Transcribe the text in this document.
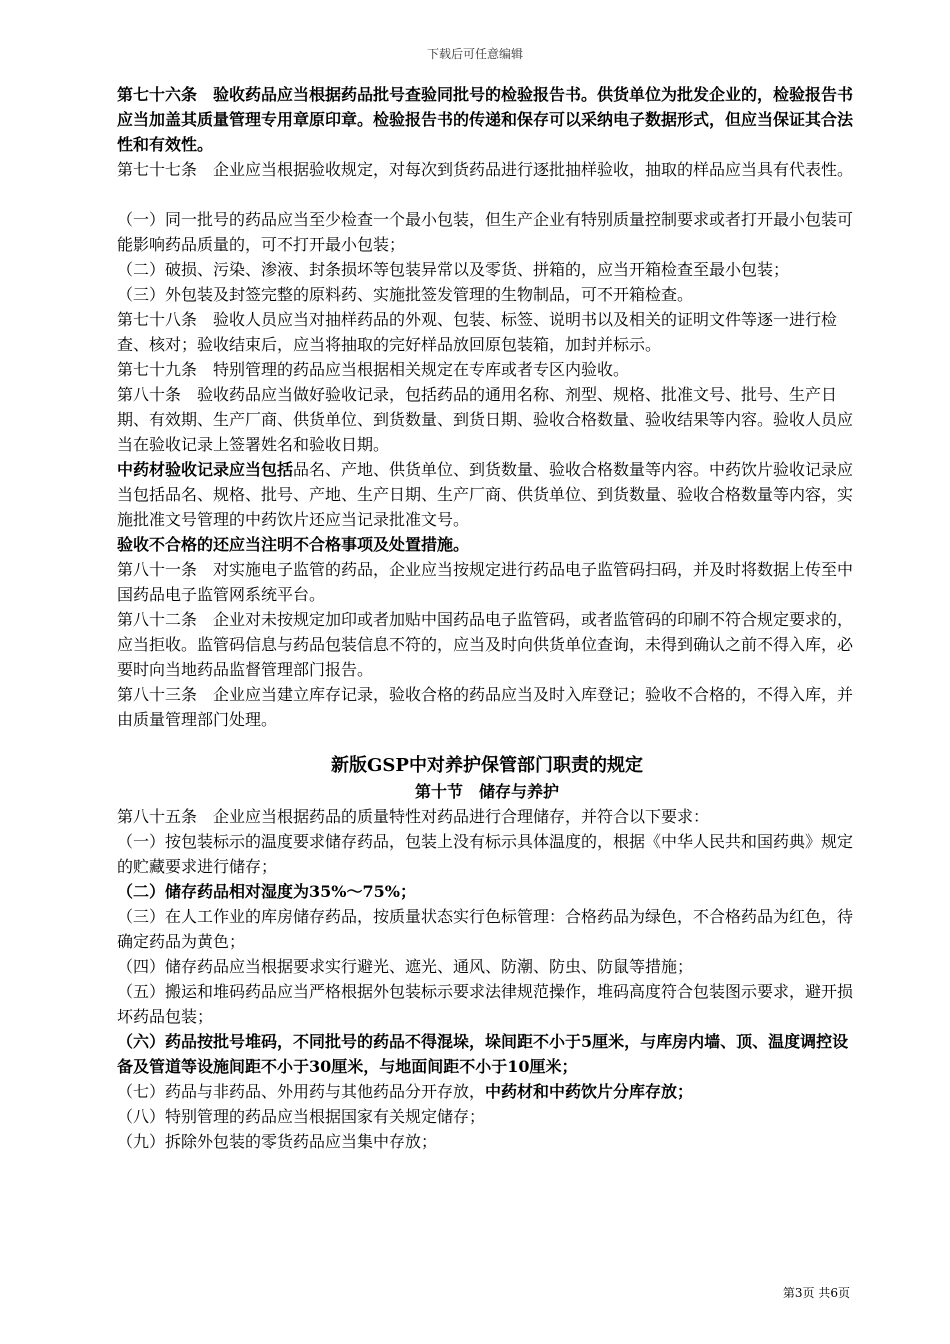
下载后可任意编辑

第七十六条　验收药品应当根据药品批号查验同批号的检验报告书。供货单位为批发企业的，检验报告书应当加盖其质量管理专用章原印章。检验报告书的传递和保存可以采纳电子数据形式，但应当保证其合法性和有效性。

第七十七条　企业应当根据验收规定，对每次到货药品进行逐批抽样验收，抽取的样品应当具有代表性。

（一）同一批号的药品应当至少检查一个最小包装，但生产企业有特别质量控制要求或者打开最小包装可能影响药品质量的，可不打开最小包装；

（二）破损、污染、渗液、封条损坏等包装异常以及零货、拼箱的，应当开箱检查至最小包装；

（三）外包装及封签完整的原料药、实施批签发管理的生物制品，可不开箱检查。

第七十八条　验收人员应当对抽样药品的外观、包装、标签、说明书以及相关的证明文件等逐一进行检查、核对；验收结束后，应当将抽取的完好样品放回原包装箱，加封并标示。

第七十九条　特别管理的药品应当根据相关规定在专库或者专区内验收。

第八十条　验收药品应当做好验收记录，包括药品的通用名称、剂型、规格、批准文号、批号、生产日期、有效期、生产厂商、供货单位、到货数量、到货日期、验收合格数量、验收结果等内容。验收人员应当在验收记录上签署姓名和验收日期。

中药材验收记录应当包括品名、产地、供货单位、到货数量、验收合格数量等内容。中药饮片验收记录应当包括品名、规格、批号、产地、生产日期、生产厂商、供货单位、到货数量、验收合格数量等内容，实施批准文号管理的中药饮片还应当记录批准文号。

验收不合格的还应当注明不合格事项及处置措施。

第八十一条　对实施电子监管的药品，企业应当按规定进行药品电子监管码扫码，并及时将数据上传至中国药品电子监管网系统平台。

第八十二条　企业对未按规定加印或者加贴中国药品电子监管码，或者监管码的印刷不符合规定要求的，应当拒收。监管码信息与药品包装信息不符的，应当及时向供货单位查询，未得到确认之前不得入库，必要时向当地药品监督管理部门报告。

第八十三条　企业应当建立库存记录，验收合格的药品应当及时入库登记；验收不合格的，不得入库，并由质量管理部门处理。

新版GSP中对养护保管部门职责的规定

第十节　储存与养护

第八十五条　企业应当根据药品的质量特性对药品进行合理储存，并符合以下要求：

（一）按包装标示的温度要求储存药品，包装上没有标示具体温度的，根据《中华人民共和国药典》规定的贮藏要求进行储存；

（二）储存药品相对湿度为35%～75%；

（三）在人工作业的库房储存药品，按质量状态实行色标管理：合格药品为绿色，不合格药品为红色，待确定药品为黄色；

（四）储存药品应当根据要求实行避光、遮光、通风、防潮、防虫、防鼠等措施；

（五）搬运和堆码药品应当严格根据外包装标示要求法律规范操作，堆码高度符合包装图示要求，避开损坏药品包装；

（六）药品按批号堆码，不同批号的药品不得混垛，垛间距不小于5厘米，与库房内墙、顶、温度调控设备及管道等设施间距不小于30厘米，与地面间距不小于10厘米；

（七）药品与非药品、外用药与其他药品分开存放，中药材和中药饮片分库存放；

（八）特别管理的药品应当根据国家有关规定储存；

（九）拆除外包装的零货药品应当集中存放；

第3页 共6页
